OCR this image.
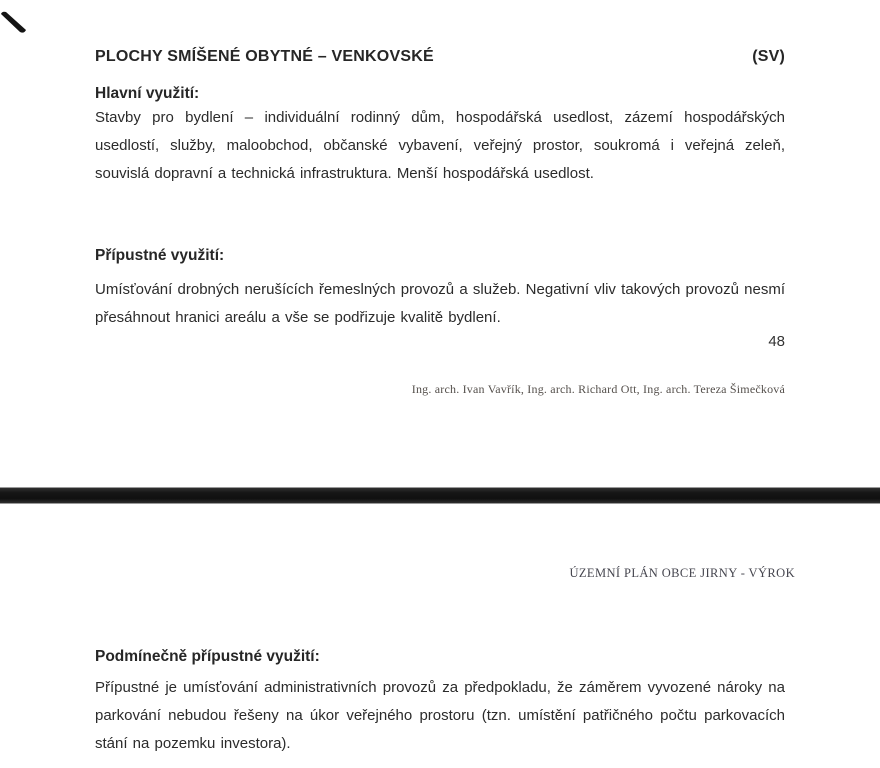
PLOCHY SMÍŠENÉ OBYTNÉ – VENKOVSKÉ	(SV)
Hlavní využití:
Stavby pro bydlení – individuální rodinný dům, hospodářská usedlost, zázemí hospodářských usedlostí, služby, maloobchod, občanské vybavení, veřejný prostor, soukromá i veřejná zeleň, souvislá dopravní a technická infrastruktura. Menší hospodářská usedlost.
Přípustné využití:
Umísťování drobných nerušících řemeslných provozů a služeb. Negativní vliv takových provozů nesmí přesáhnout hranici areálu a vše se podřizuje kvalitě bydlení.
48
Ing. arch. Ivan Vavřík, Ing. arch. Richard Ott, Ing. arch. Tereza Šimečková
ÚZEMNÍ PLÁN OBCE JIRNY - VÝROK
Podmínečně přípustné využití:
Přípustné je umísťování administrativních provozů za předpokladu, že záměrem vyvozené nároky na parkování nebudou řešeny na úkor veřejného prostoru (tzn. umístění patřičného počtu parkovacích stání na pozemku investora).
